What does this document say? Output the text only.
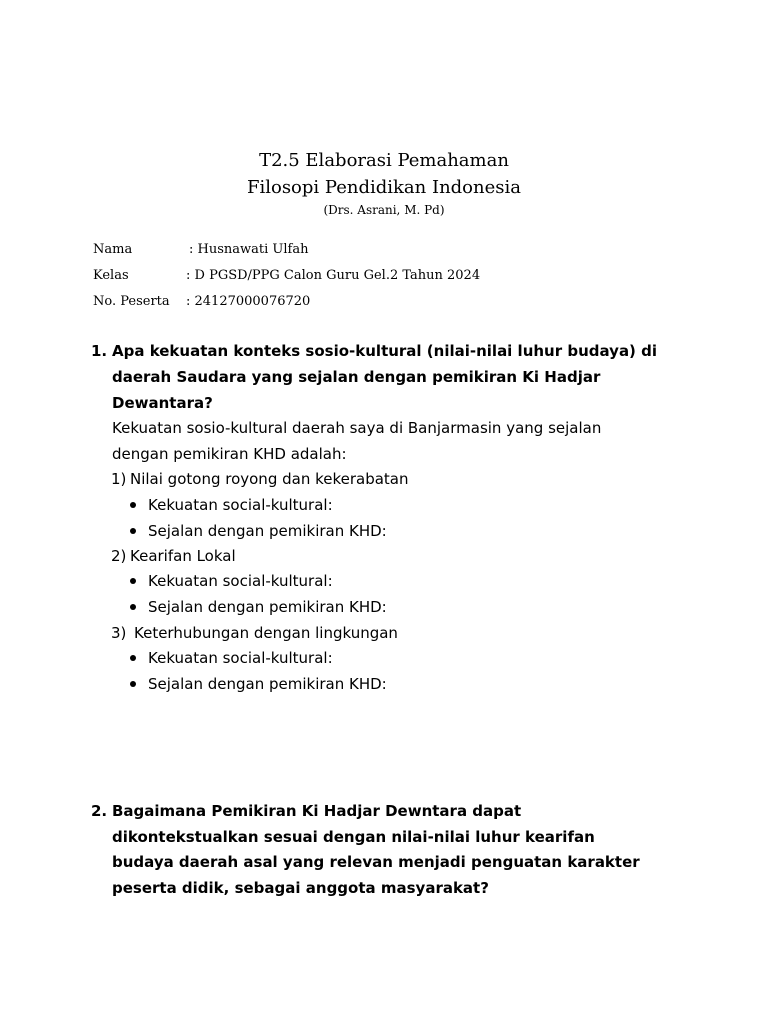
T2.5 Elaborasi Pemahaman
Filosopi Pendidikan Indonesia
(Drs. Asrani, M. Pd)
Nama	: Husnawati Ulfah
Kelas	: D PGSD/PPG Calon Guru Gel.2 Tahun 2024
No. Peserta : 24127000076720
1. Apa kekuatan konteks sosio-kultural (nilai-nilai luhur budaya) di
daerah Saudara yang sejalan dengan pemikiran Ki Hadjar
Dewantara?
Kekuatan sosio-kultural daerah saya di Banjarmasin yang sejalan
dengan pemikiran KHD adalah:
1) Nilai gotong royong dan kekerabatan
Kekuatan social-kultural:
Sejalan dengan pemikiran KHD:
2) Kearifan Lokal
Kekuatan social-kultural:
Sejalan dengan pemikiran KHD:
3) Keterhubungan dengan lingkungan
Kekuatan social-kultural:
Sejalan dengan pemikiran KHD:
2. Bagaimana Pemikiran Ki Hadjar Dewntara dapat
dikontekstualkan sesuai dengan nilai-nilai luhur kearifan
budaya daerah asal yang relevan menjadi penguatan karakter
peserta didik, sebagai anggota masyarakat?
